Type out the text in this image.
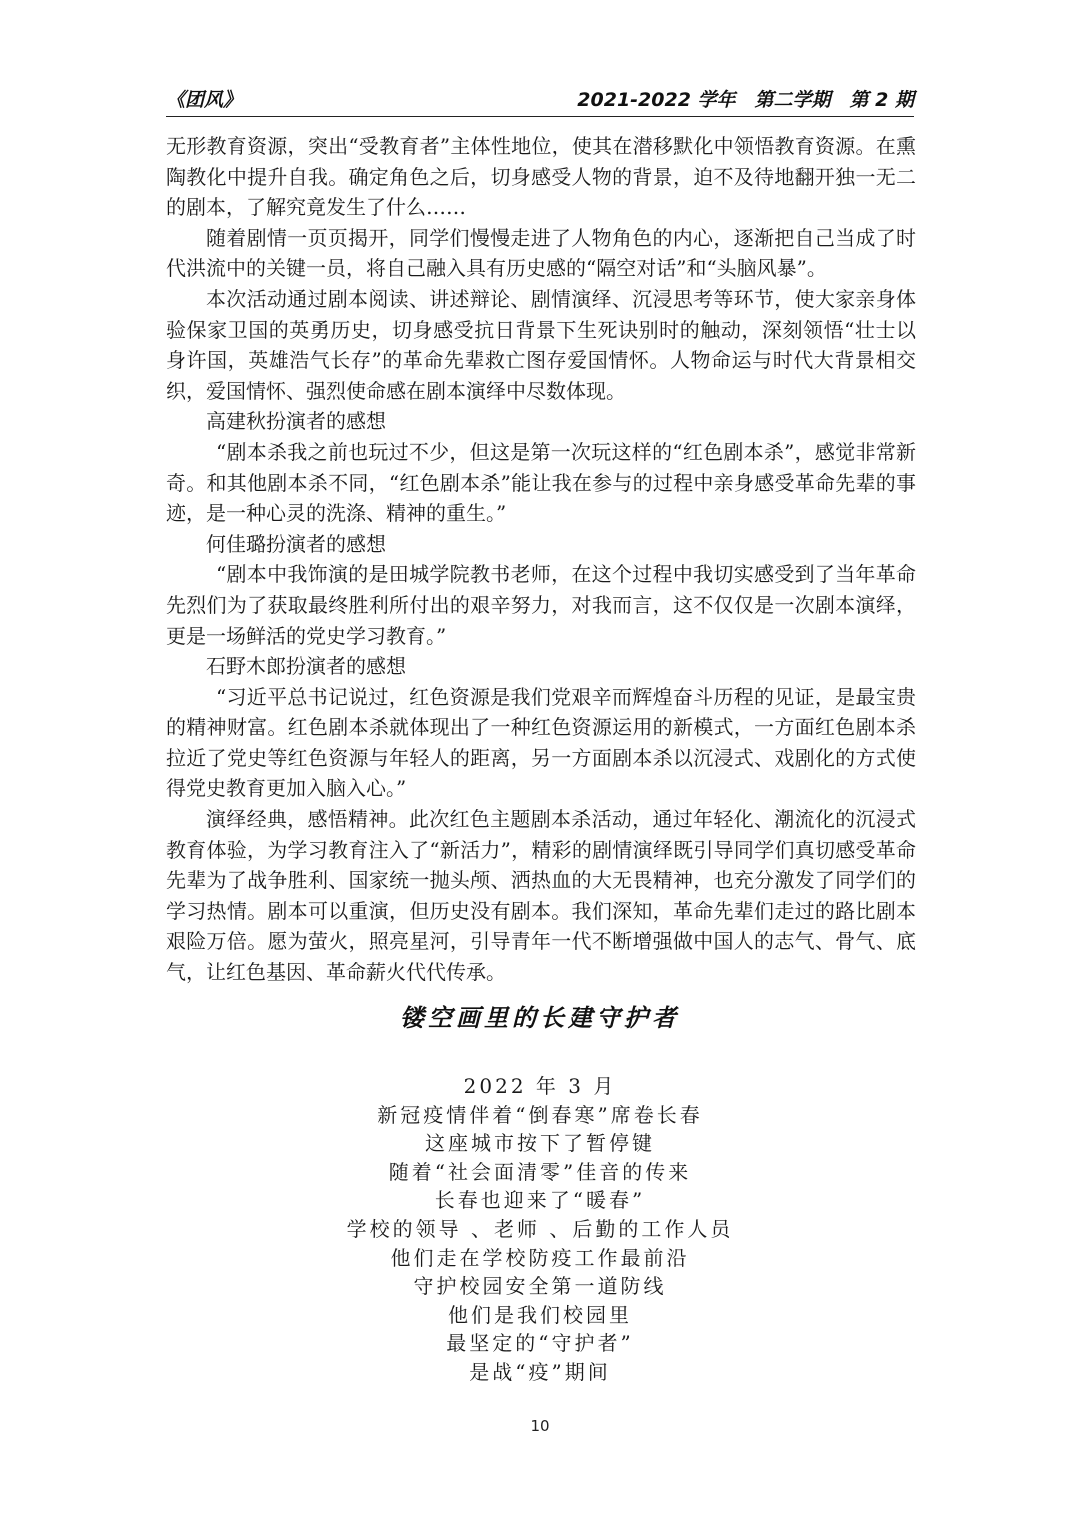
《团风》	2021-2022 学年　第二学期　第 2 期

无形教育资源，突出“受教育者”主体性地位，使其在潜移默化中领悟教育资源。在熏陶教化中提升自我。确定角色之后，切身感受人物的背景，迫不及待地翻开独一无二的剧本，了解究竟发生了什么……

随着剧情一页页揭开，同学们慢慢走进了人物角色的内心，逐渐把自己当成了时代洪流中的关键一员，将自己融入具有历史感的“隔空对话”和“头脑风暴”。

本次活动通过剧本阅读、讲述辩论、剧情演绎、沉浸思考等环节，使大家亲身体验保家卫国的英勇历史，切身感受抗日背景下生死诀别时的触动，深刻领悟“壮士以身许国，英雄浩气长存”的革命先辈救亡图存爱国情怀。人物命运与时代大背景相交织，爱国情怀、强烈使命感在剧本演绎中尽数体现。

高建秋扮演者的感想

“剧本杀我之前也玩过不少，但这是第一次玩这样的“红色剧本杀”，感觉非常新奇。和其他剧本杀不同，“红色剧本杀”能让我在参与的过程中亲身感受革命先辈的事迹，是一种心灵的洗涤、精神的重生。”

何佳璐扮演者的感想

“剧本中我饰演的是田城学院教书老师，在这个过程中我切实感受到了当年革命先烈们为了获取最终胜利所付出的艰辛努力，对我而言，这不仅仅是一次剧本演绎，更是一场鲜活的党史学习教育。”

石野木郎扮演者的感想

“习近平总书记说过，红色资源是我们党艰辛而辉煌奋斗历程的见证，是最宝贵的精神财富。红色剧本杀就体现出了一种红色资源运用的新模式，一方面红色剧本杀拉近了党史等红色资源与年轻人的距离，另一方面剧本杀以沉浸式、戏剧化的方式使得党史教育更加入脑入心。”

演绎经典，感悟精神。此次红色主题剧本杀活动，通过年轻化、潮流化的沉浸式教育体验，为学习教育注入了“新活力”，精彩的剧情演绎既引导同学们真切感受革命先辈为了战争胜利、国家统一抛头颅、洒热血的大无畏精神，也充分激发了同学们的学习热情。剧本可以重演，但历史没有剧本。我们深知，革命先辈们走过的路比剧本艰险万倍。愿为萤火，照亮星河，引导青年一代不断增强做中国人的志气、骨气、底气，让红色基因、革命薪火代代传承。

镂空画里的长建守护者

2022 年 3 月

新冠疫情伴着“倒春寒”席卷长春

这座城市按下了暂停键

随着“社会面清零”佳音的传来

长春也迎来了“暖春”

学校的领导 、老师 、后勤的工作人员

他们走在学校防疫工作最前沿

守护校园安全第一道防线

他们是我们校园里

最坚定的“守护者”

是战“疫”期间

10
